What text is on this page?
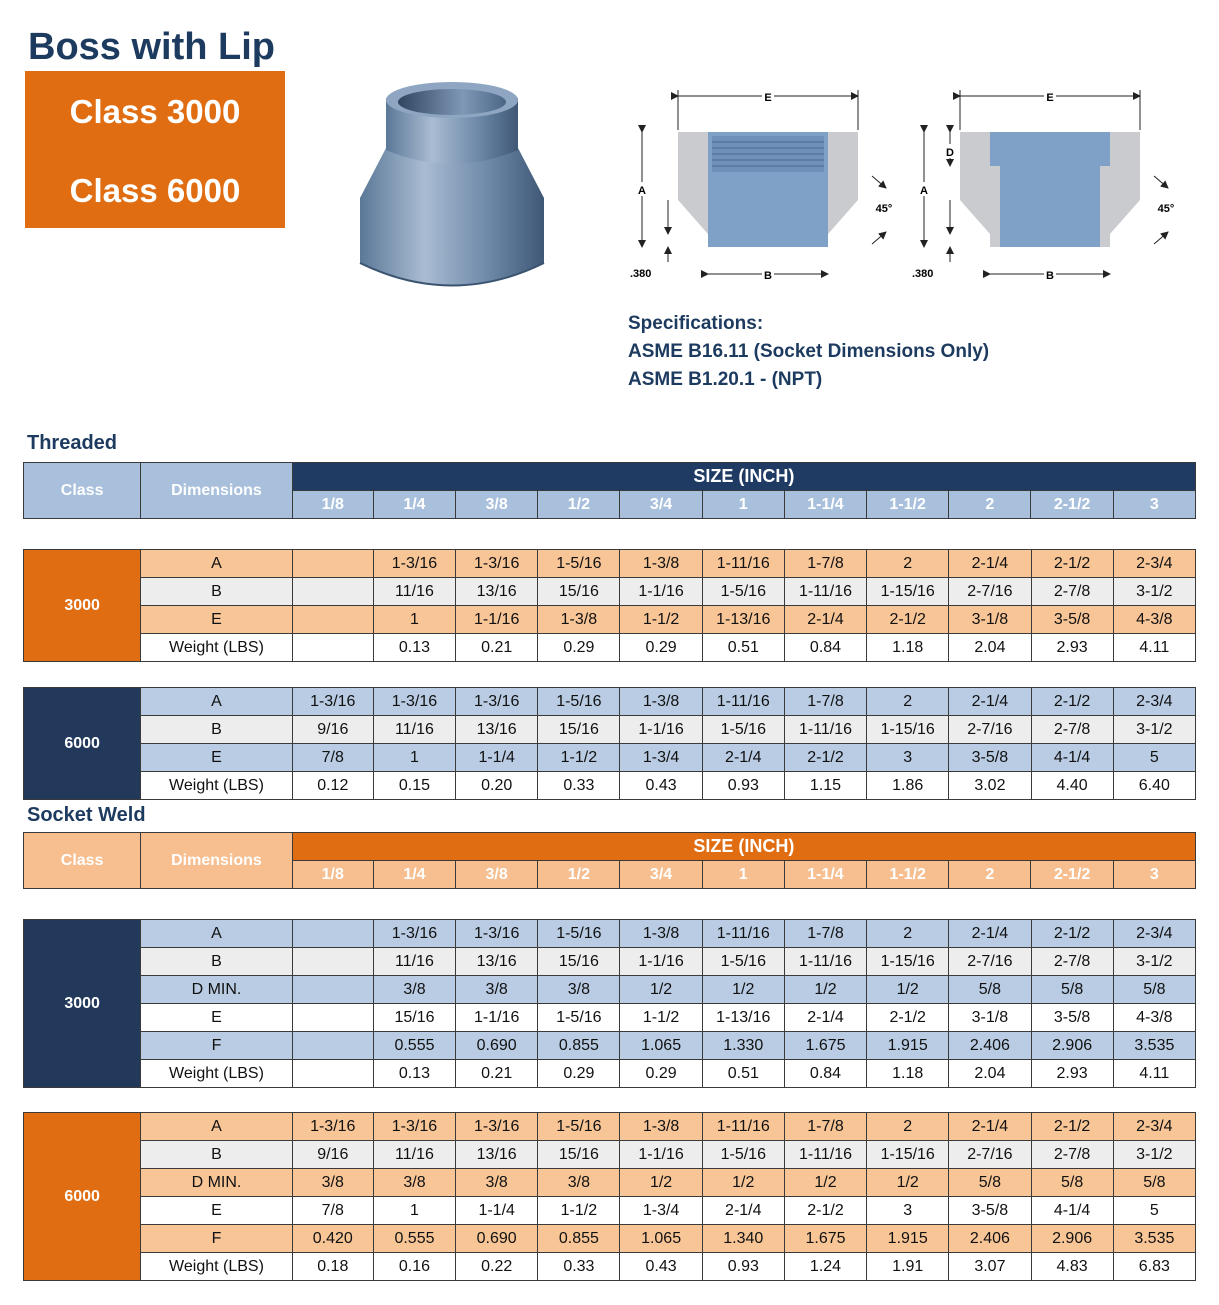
Boss with Lip
Class 3000
Class 6000
E
A
.380	B
45°
E
A
D
.380	B
45°
Specifications:
ASME B16.11 (Socket Dimensions Only)
ASME B1.20.1 - (NPT)
Threaded
Class	Dimensions	SIZE (INCH)										
		1/8	1/4	3/8	1/2	3/4	1	1-1/4	1-1/2	2	2-1/2	3
3000	A		1-3/16	1-3/16	1-5/16	1-3/8	1-11/16	1-7/8	2	2-1/4	2-1/2	2-3/4
	B		11/16	13/16	15/16	1-1/16	1-5/16	1-11/16	1-15/16	2-7/16	2-7/8	3-1/2
	E		1	1-1/16	1-3/8	1-1/2	1-13/16	2-1/4	2-1/2	3-1/8	3-5/8	4-3/8
	Weight (LBS)		0.13	0.21	0.29	0.29	0.51	0.84	1.18	2.04	2.93	4.11
6000	A	1-3/16	1-3/16	1-3/16	1-5/16	1-3/8	1-11/16	1-7/8	2	2-1/4	2-1/2	2-3/4
	B	9/16	11/16	13/16	15/16	1-1/16	1-5/16	1-11/16	1-15/16	2-7/16	2-7/8	3-1/2
	E	7/8	1	1-1/4	1-1/2	1-3/4	2-1/4	2-1/2	3	3-5/8	4-1/4	5
	Weight (LBS)	0.12	0.15	0.20	0.33	0.43	0.93	1.15	1.86	3.02	4.40	6.40
Socket Weld
Class	Dimensions	SIZE (INCH)										
		1/8	1/4	3/8	1/2	3/4	1	1-1/4	1-1/2	2	2-1/2	3
3000	A		1-3/16	1-3/16	1-5/16	1-3/8	1-11/16	1-7/8	2	2-1/4	2-1/2	2-3/4
	B		11/16	13/16	15/16	1-1/16	1-5/16	1-11/16	1-15/16	2-7/16	2-7/8	3-1/2
	D MIN.		3/8	3/8	3/8	1/2	1/2	1/2	1/2	5/8	5/8	5/8
	E		15/16	1-1/16	1-5/16	1-1/2	1-13/16	2-1/4	2-1/2	3-1/8	3-5/8	4-3/8
	F		0.555	0.690	0.855	1.065	1.330	1.675	1.915	2.406	2.906	3.535
	Weight (LBS)		0.13	0.21	0.29	0.29	0.51	0.84	1.18	2.04	2.93	4.11
6000	A	1-3/16	1-3/16	1-3/16	1-5/16	1-3/8	1-11/16	1-7/8	2	2-1/4	2-1/2	2-3/4
	B	9/16	11/16	13/16	15/16	1-1/16	1-5/16	1-11/16	1-15/16	2-7/16	2-7/8	3-1/2
	D MIN.	3/8	3/8	3/8	3/8	1/2	1/2	1/2	1/2	5/8	5/8	5/8
	E	7/8	1	1-1/4	1-1/2	1-3/4	2-1/4	2-1/2	3	3-5/8	4-1/4	5
	F	0.420	0.555	0.690	0.855	1.065	1.340	1.675	1.915	2.406	2.906	3.535
	Weight (LBS)	0.18	0.16	0.22	0.33	0.43	0.93	1.24	1.91	3.07	4.83	6.83
